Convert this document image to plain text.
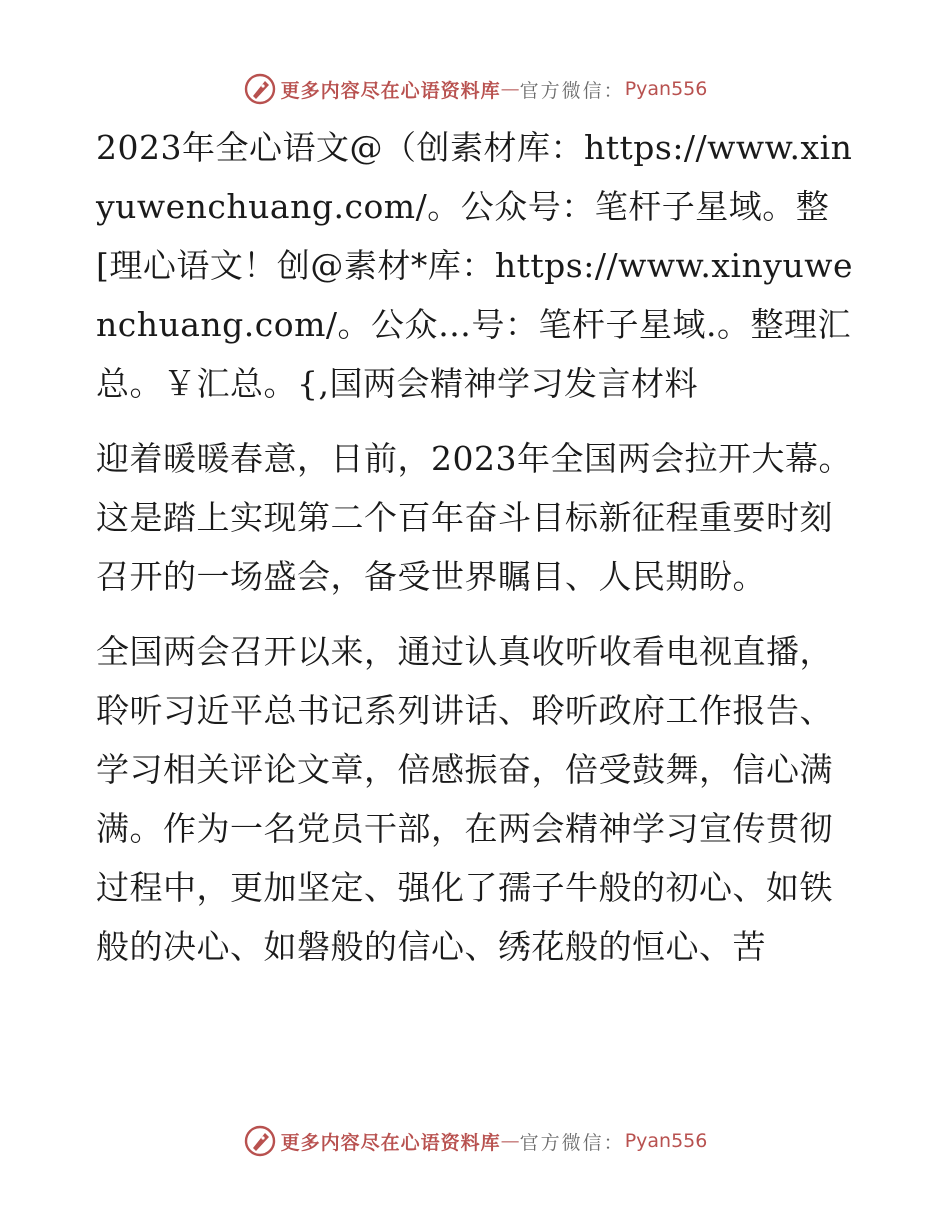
更多内容尽在心语资料库 — 官方微信： Pyan556

2023年全心语文@（创素材库：https://www.xinyuwenchuang.com/。公众号：笔杆子星域。整[理心语文！创@素材*库：https://www.xinyuwenchuang.com/。公众…号：笔杆子星域.。整理汇总。￥汇总。{,国两会精神学习发言材料

迎着暖暖春意，日前，2023年全国两会拉开大幕。这是踏上实现第二个百年奋斗目标新征程重要时刻召开的一场盛会，备受世界瞩目、人民期盼。

全国两会召开以来，通过认真收听收看电视直播，聆听习近平总书记系列讲话、聆听政府工作报告、学习相关评论文章，倍感振奋，倍受鼓舞，信心满满。作为一名党员干部，在两会精神学习宣传贯彻过程中，更加坚定、强化了孺子牛般的初心、如铁般的决心、如磐般的信心、绣花般的恒心、苦

更多内容尽在心语资料库 — 官方微信： Pyan556
